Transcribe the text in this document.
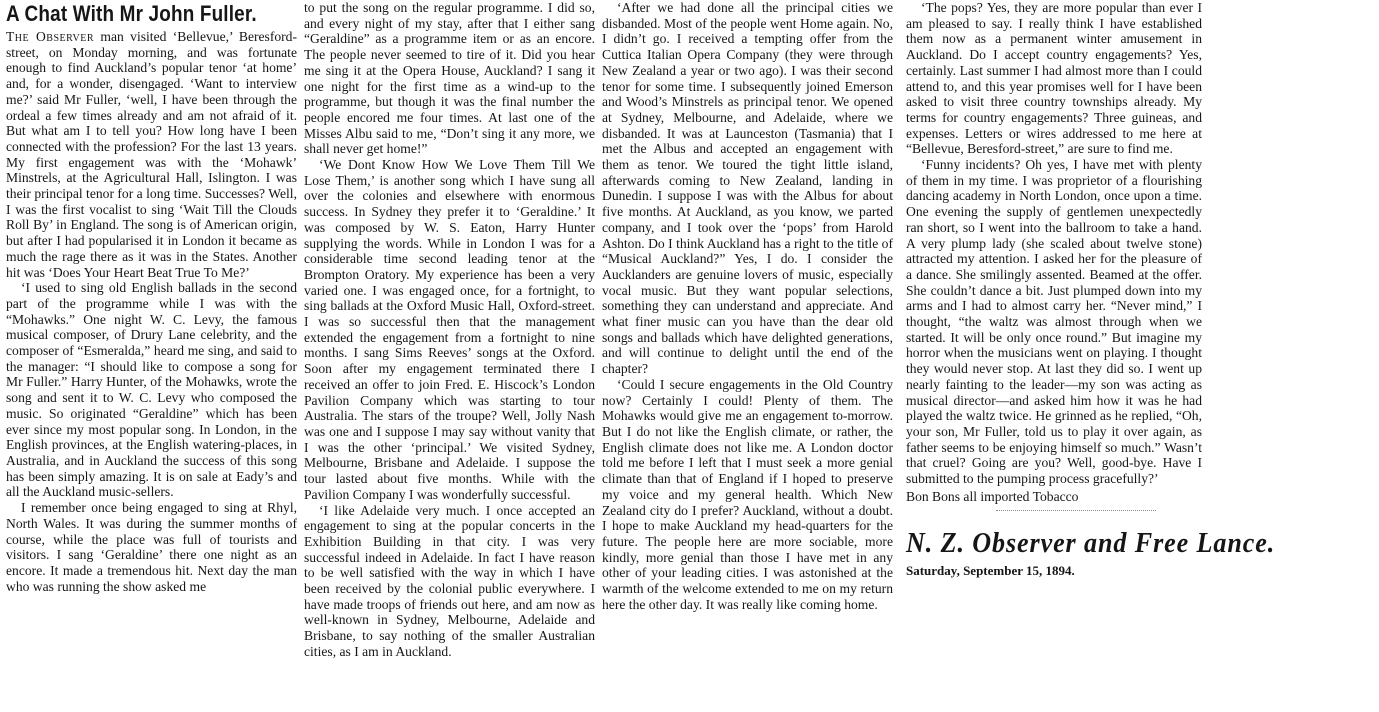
A Chat With Mr John Fuller.

The Observer man visited ‘Bellevue,’ Beresford-street, on Monday morning, and was fortunate enough to find Auckland’s popular tenor ‘at home’ and, for a wonder, disengaged. ‘Want to interview me?’ said Mr Fuller, ‘well, I have been through the ordeal a few times already and am not afraid of it. But what am I to tell you? How long have I been connected with the profession? For the last 13 years. My first engagement was with the ‘Mohawk’ Minstrels, at the Agricultural Hall, Islington. I was their principal tenor for a long time. Successes? Well, I was the first vocalist to sing ‘Wait Till the Clouds Roll By’ in England. The song is of American origin, but after I had popularised it in London it became as much the rage there as it was in the States. Another hit was ‘Does Your Heart Beat True To Me?’

‘I used to sing old English ballads in the second part of the programme while I was with the “Mohawks.” One night W. C. Levy, the famous musical composer, of Drury Lane celebrity, and the composer of “Esmeralda,” heard me sing, and said to the manager: “I should like to compose a song for Mr Fuller.” Harry Hunter, of the Mohawks, wrote the song and sent it to W. C. Levy who composed the music. So originated “Geraldine” which has been ever since my most popular song. In London, in the English provinces, at the English watering-places, in Australia, and in Auckland the success of this song has been simply amazing. It is on sale at Eady’s and all the Auckland music-sellers.

I remember once being engaged to sing at Rhyl, North Wales. It was during the summer months of course, while the place was full of tourists and visitors. I sang ‘Geraldine’ there one night as an encore. It made a tremendous hit. Next day the man who was running the show asked me

to put the song on the regular programme. I did so, and every night of my stay, after that I either sang “Geraldine” as a programme item or as an encore. The people never seemed to tire of it. Did you hear me sing it at the Opera House, Auckland? I sang it one night for the first time as a wind-up to the programme, but though it was the final number the people encored me four times. At last one of the Misses Albu said to me, “Don’t sing it any more, we shall never get home!”

‘We Dont Know How We Love Them Till We Lose Them,’ is another song which I have sung all over the colonies and elsewhere with enormous success. In Sydney they prefer it to ‘Geraldine.’ It was composed by W. S. Eaton, Harry Hunter supplying the words. While in London I was for a considerable time second leading tenor at the Brompton Oratory. My experience has been a very varied one. I was engaged once, for a fortnight, to sing ballads at the Oxford Music Hall, Oxford-street. I was so successful then that the management extended the engagement from a fortnight to nine months. I sang Sims Reeves’ songs at the Oxford. Soon after my engagement terminated there I received an offer to join Fred. E. Hiscock’s London Pavilion Company which was starting to tour Australia. The stars of the troupe? Well, Jolly Nash was one and I suppose I may say without vanity that I was the other ‘principal.’ We visited Sydney, Melbourne, Brisbane and Adelaide. I suppose the tour lasted about five months. While with the Pavilion Company I was wonderfully successful.

‘I like Adelaide very much. I once accepted an engagement to sing at the popular concerts in the Exhibition Building in that city. I was very successful indeed in Adelaide. In fact I have reason to be well satisfied with the way in which I have been received by the colonial public everywhere. I have made troops of friends out here, and am now as well-known in Sydney, Melbourne, Adelaide and Brisbane, to say nothing of the smaller Australian cities, as I am in Auckland.

‘After we had done all the principal cities we disbanded. Most of the people went Home again. No, I didn’t go. I received a tempting offer from the Cuttica Italian Opera Company (they were through New Zealand a year or two ago). I was their second tenor for some time. I subsequently joined Emerson and Wood’s Minstrels as principal tenor. We opened at Sydney, Melbourne, and Adelaide, where we disbanded. It was at Launceston (Tasmania) that I met the Albus and accepted an engagement with them as tenor. We toured the tight little island, afterwards coming to New Zealand, landing in Dunedin. I suppose I was with the Albus for about five months. At Auckland, as you know, we parted company, and I took over the ‘pops’ from Harold Ashton. Do I think Auckland has a right to the title of “Musical Auckland?” Yes, I do. I consider the Aucklanders are genuine lovers of music, especially vocal music. But they want popular selections, something they can understand and appreciate. And what finer music can you have than the dear old songs and ballads which have delighted generations, and will continue to delight until the end of the chapter?

‘Could I secure engagements in the Old Country now? Certainly I could! Plenty of them. The Mohawks would give me an engagement to-morrow. But I do not like the English climate, or rather, the English climate does not like me. A London doctor told me before I left that I must seek a more genial climate than that of England if I hoped to preserve my voice and my general health. Which New Zealand city do I prefer? Auckland, without a doubt. I hope to make Auckland my head-quarters for the future. The people here are more sociable, more kindly, more genial than those I have met in any other of your leading cities. I was astonished at the warmth of the welcome extended to me on my return here the other day. It was really like coming home.

‘The pops? Yes, they are more popular than ever I am pleased to say. I really think I have established them now as a permanent winter amusement in Auckland. Do I accept country engagements? Yes, certainly. Last summer I had almost more than I could attend to, and this year promises well for I have been asked to visit three country townships already. My terms for country engagements? Three guineas, and expenses. Letters or wires addressed to me here at “Bellevue, Beresford-street,” are sure to find me.

‘Funny incidents? Oh yes, I have met with plenty of them in my time. I was proprietor of a flourishing dancing academy in North London, once upon a time. One evening the supply of gentlemen unexpectedly ran short, so I went into the ballroom to take a hand. A very plump lady (she scaled about twelve stone) attracted my attention. I asked her for the pleasure of a dance. She smilingly assented. Beamed at the offer. She couldn’t dance a bit. Just plumped down into my arms and I had to almost carry her. “Never mind,” I thought, “the waltz was almost through when we started. It will be only once round.” But imagine my horror when the musicians went on playing. I thought they would never stop. At last they did so. I went up nearly fainting to the leader—my son was acting as musical director—and asked him how it was he had played the waltz twice. He grinned as he replied, “Oh, your son, Mr Fuller, told us to play it over again, as father seems to be enjoying himself so much.” Wasn’t that cruel? Going are you? Well, good-bye. Have I submitted to the pumping process gracefully?’

Bon Bons all imported Tobacco

N. Z. Observer and Free Lance.
Saturday, September 15, 1894.
